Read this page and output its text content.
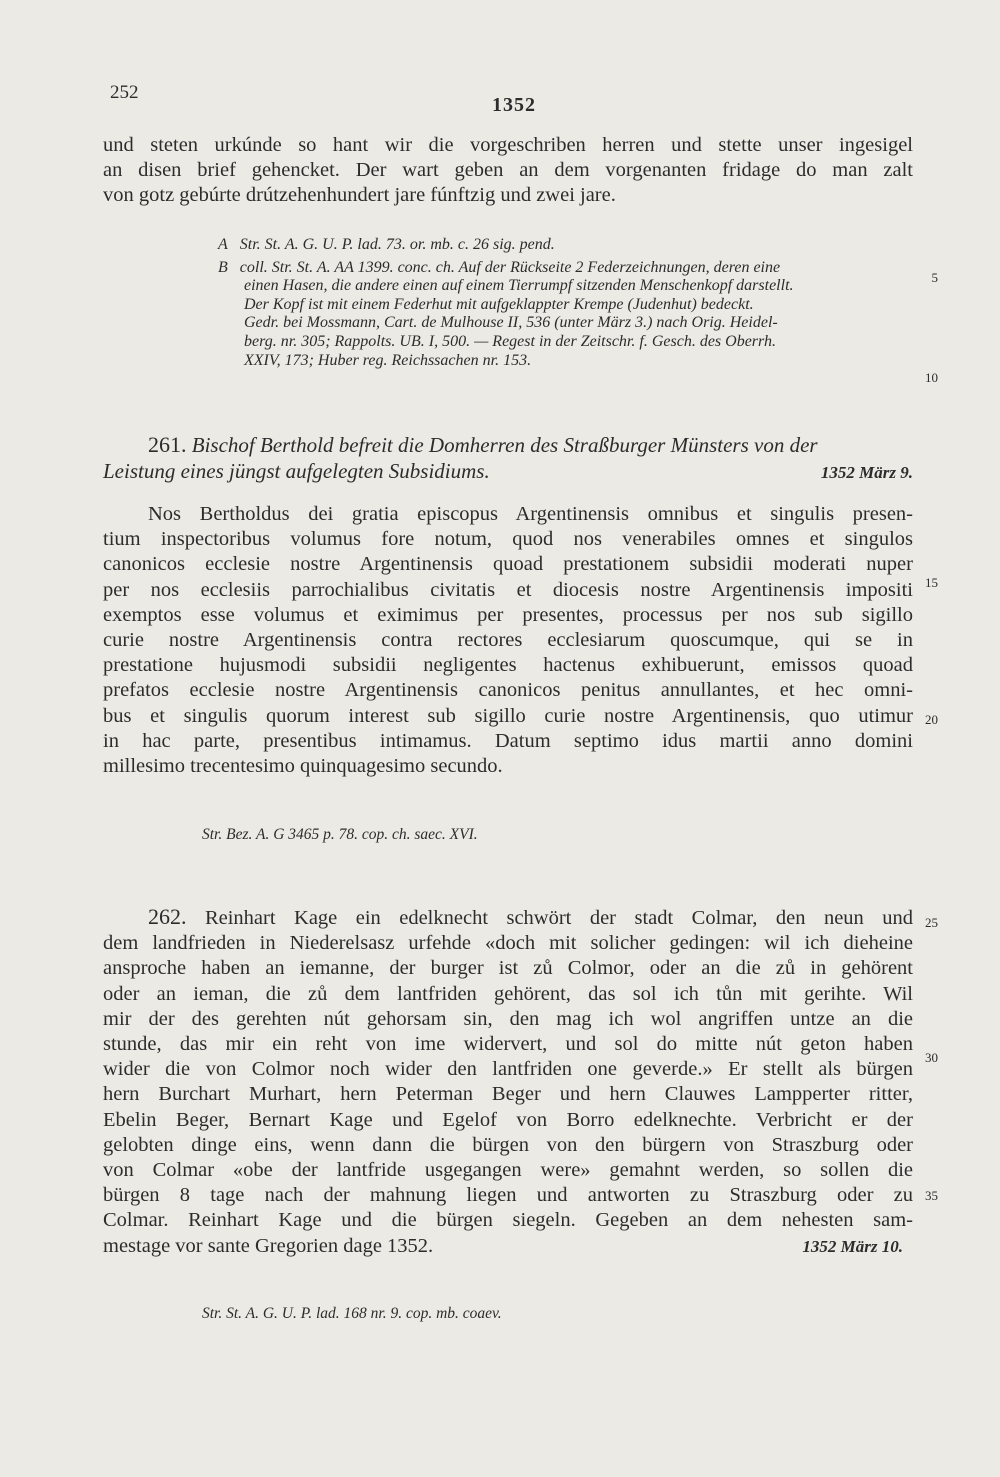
252
1352
und steten urkúnde so hant wir die vorgeschriben herren und stette unser ingesigel
an disen brief gehencket. Der wart geben an dem vorgenanten fridage do man zalt
von gotz gebúrte drútzehenhundert jare fúnftzig und zwei jare.
A Str. St. A. G. U. P. lad. 73. or. mb. c. 26 sig. pend.
B coll. Str. St. A. AA 1399. conc. ch. Auf der Rückseite 2 Federzeichnungen, deren eine
einen Hasen, die andere einen auf einem Tierrumpf sitzenden Menschenkopf darstellt.
Der Kopf ist mit einem Federhut mit aufgeklappter Krempe (Judenhut) bedeckt.
Gedr. bei Mossmann, Cart. de Mulhouse II, 536 (unter März 3.) nach Orig. Heidel-
berg. nr. 305; Rappolts. UB. I, 500. — Regest in der Zeitschr. f. Gesch. des Oberrh.
XXIV, 173; Huber reg. Reichssachen nr. 153.
261. Bischof Berthold befreit die Domherren des Straßburger Münsters von der
Leistung eines jüngst aufgelegten Subsidiums.	1352 März 9.
Nos Bertholdus dei gratia episcopus Argentinensis omnibus et singulis presen-
tium inspectoribus volumus fore notum, quod nos venerabiles omnes et singulos
canonicos ecclesie nostre Argentinensis quoad prestationem subsidii moderati nuper
per nos ecclesiis parrochialibus civitatis et diocesis nostre Argentinensis impositi
exemptos esse volumus et eximimus per presentes, processus per nos sub sigillo
curie nostre Argentinensis contra rectores ecclesiarum quoscumque, qui se in
prestatione hujusmodi subsidii negligentes hactenus exhibuerunt, emissos quoad
prefatos ecclesie nostre Argentinensis canonicos penitus annullantes, et hec omni-
bus et singulis quorum interest sub sigillo curie nostre Argentinensis, quo utimur
in hac parte, presentibus intimamus. Datum septimo idus martii anno domini
millesimo trecentesimo quinquagesimo secundo.
Str. Bez. A. G 3465 p. 78. cop. ch. saec. XVI.
262. Reinhart Kage ein edelknecht schwört der stadt Colmar, den neun und
dem landfrieden in Niederelsasz urfehde «doch mit solicher gedingen: wil ich dieheine
ansproche haben an iemanne, der burger ist zů Colmor, oder an die zů in gehörent
oder an ieman, die zů dem lantfriden gehörent, das sol ich tůn mit gerihte. Wil
mir der des gerehten nút gehorsam sin, den mag ich wol angriffen untze an die
stunde, das mir ein reht von ime widervert, und sol do mitte nút geton haben
wider die von Colmor noch wider den lantfriden one geverde.» Er stellt als bürgen
hern Burchart Murhart, hern Peterman Beger und hern Clauwes Lampperter ritter,
Ebelin Beger, Bernart Kage und Egelof von Borro edelknechte. Verbricht er der
gelobten dinge eins, wenn dann die bürgen von den bürgern von Straszburg oder
von Colmar «obe der lantfride usgegangen were» gemahnt werden, so sollen die
bürgen 8 tage nach der mahnung liegen und antworten zu Straszburg oder zu
Colmar. Reinhart Kage und die bürgen siegeln. Gegeben an dem nehesten sam-
mestage vor sante Gregorien dage 1352.	1352 März 10.
Str. St. A. G. U. P. lad. 168 nr. 9. cop. mb. coaev.
5
10
15
20
25
30
35
